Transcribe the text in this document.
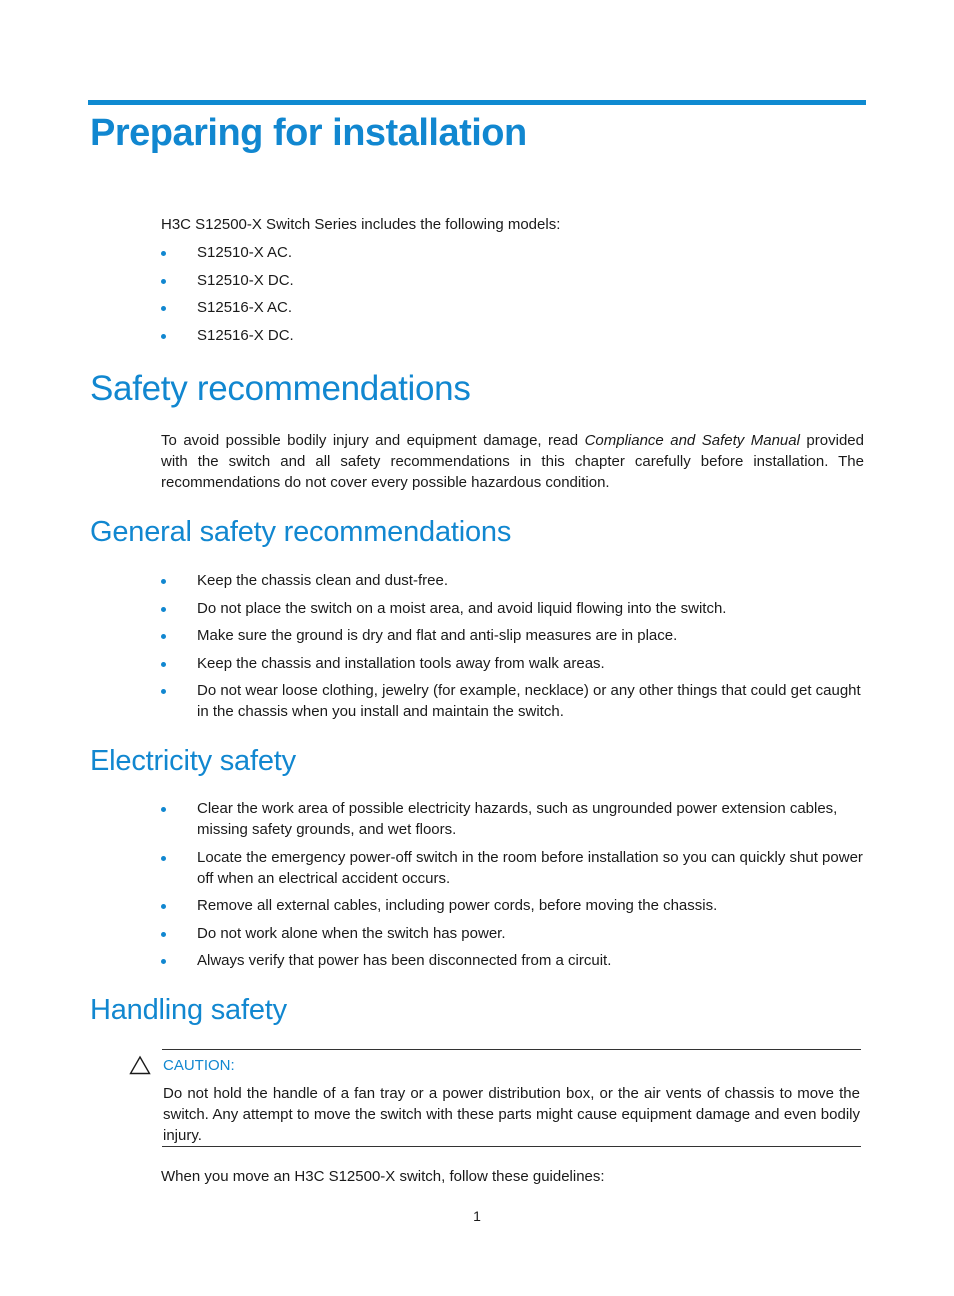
Preparing for installation

H3C S12500-X Switch Series includes the following models:

S12510-X AC.
S12510-X DC.
S12516-X AC.
S12516-X DC.
Safety recommendations

To avoid possible bodily injury and equipment damage, read Compliance and Safety Manual provided with the switch and all safety recommendations in this chapter carefully before installation. The recommendations do not cover every possible hazardous condition.

General safety recommendations
Keep the chassis clean and dust-free.
Do not place the switch on a moist area, and avoid liquid flowing into the switch.
Make sure the ground is dry and flat and anti-slip measures are in place.
Keep the chassis and installation tools away from walk areas.
Do not wear loose clothing, jewelry (for example, necklace) or any other things that could get caught in the chassis when you install and maintain the switch.
Electricity safety
Clear the work area of possible electricity hazards, such as ungrounded power extension cables, missing safety grounds, and wet floors.
Locate the emergency power-off switch in the room before installation so you can quickly shut power off when an electrical accident occurs.
Remove all external cables, including power cords, before moving the chassis.
Do not work alone when the switch has power.
Always verify that power has been disconnected from a circuit.
Handling safety
CAUTION:

Do not hold the handle of a fan tray or a power distribution box, or the air vents of chassis to move the switch. Any attempt to move the switch with these parts might cause equipment damage and even bodily injury.

When you move an H3C S12500-X switch, follow these guidelines:

1
